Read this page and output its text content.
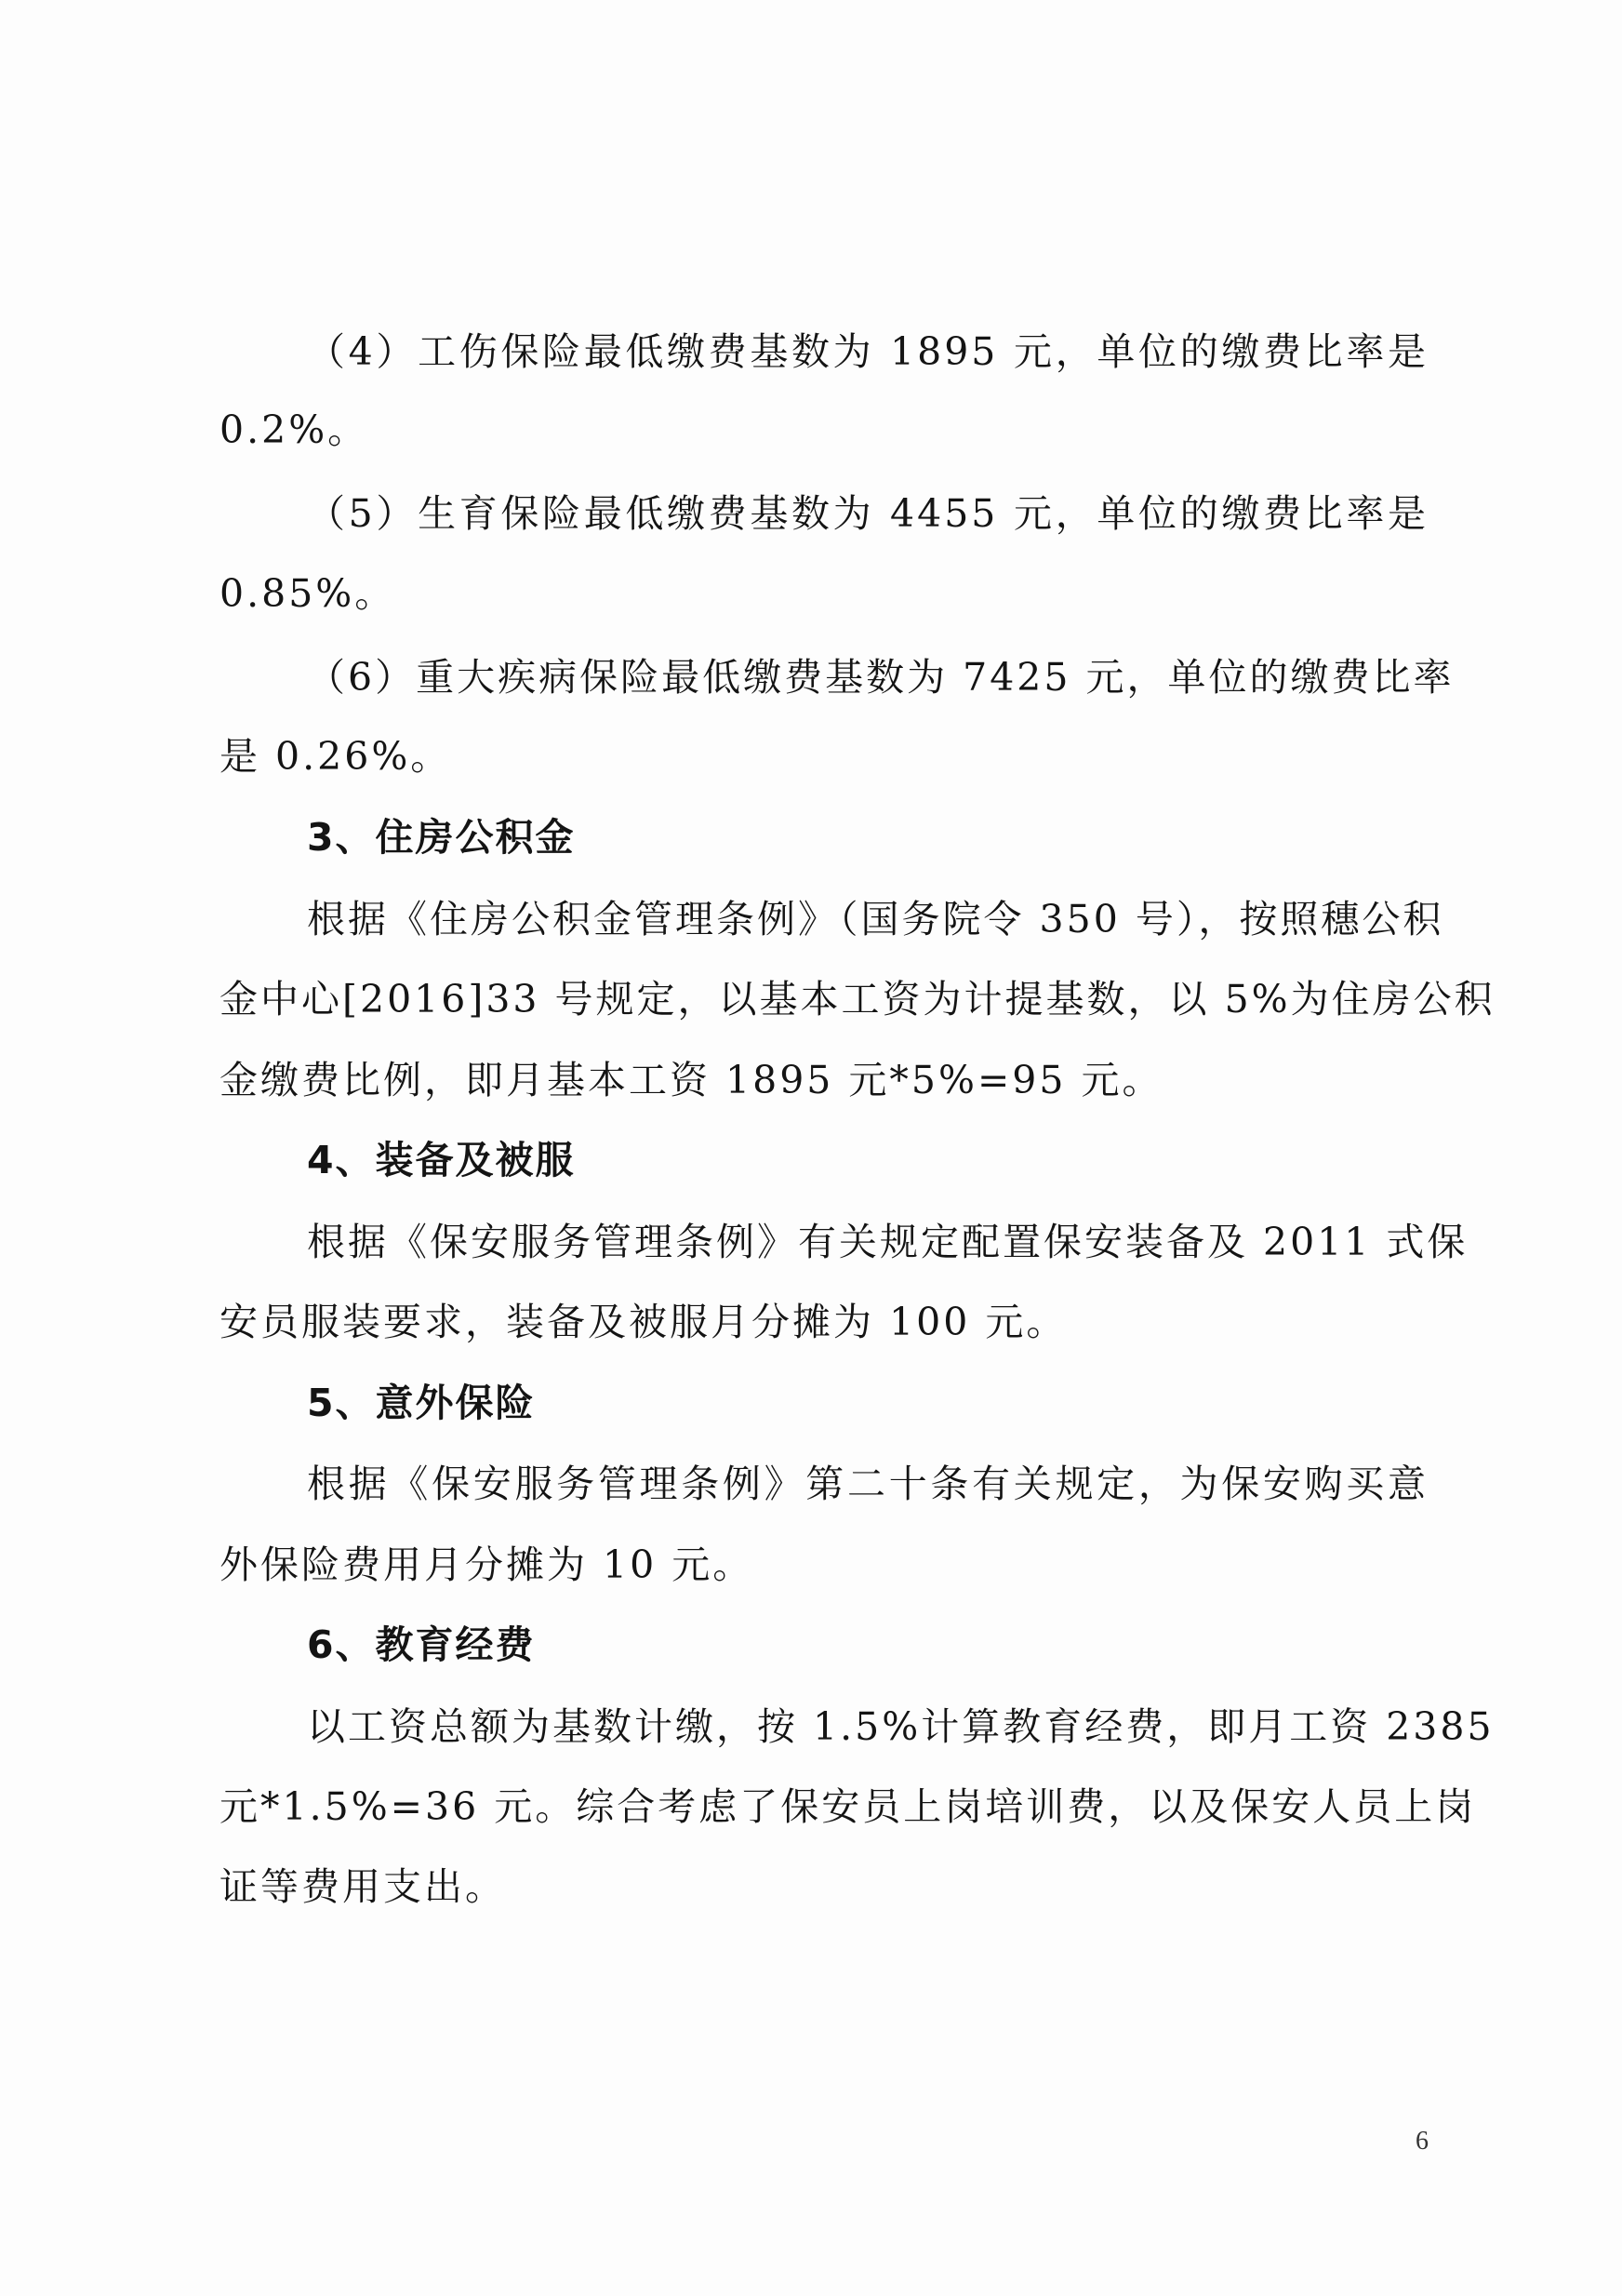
（4）工伤保险最低缴费基数为 1895 元，单位的缴费比率是
0.2%。
（5）生育保险最低缴费基数为 4455 元，单位的缴费比率是
0.85%。
（6）重大疾病保险最低缴费基数为 7425 元，单位的缴费比率
是 0.26%。
3、住房公积金
根据《住房公积金管理条例》（国务院令 350 号），按照穗公积
金中心[2016]33 号规定，以基本工资为计提基数，以 5%为住房公积
金缴费比例，即月基本工资 1895 元*5%=95 元。
4、装备及被服
根据《保安服务管理条例》有关规定配置保安装备及 2011 式保
安员服装要求，装备及被服月分摊为 100 元。
5、意外保险
根据《保安服务管理条例》第二十条有关规定，为保安购买意
外保险费用月分摊为 10 元。
6、教育经费
以工资总额为基数计缴，按 1.5%计算教育经费，即月工资 2385
元*1.5%=36 元。综合考虑了保安员上岗培训费，以及保安人员上岗
证等费用支出。
6
